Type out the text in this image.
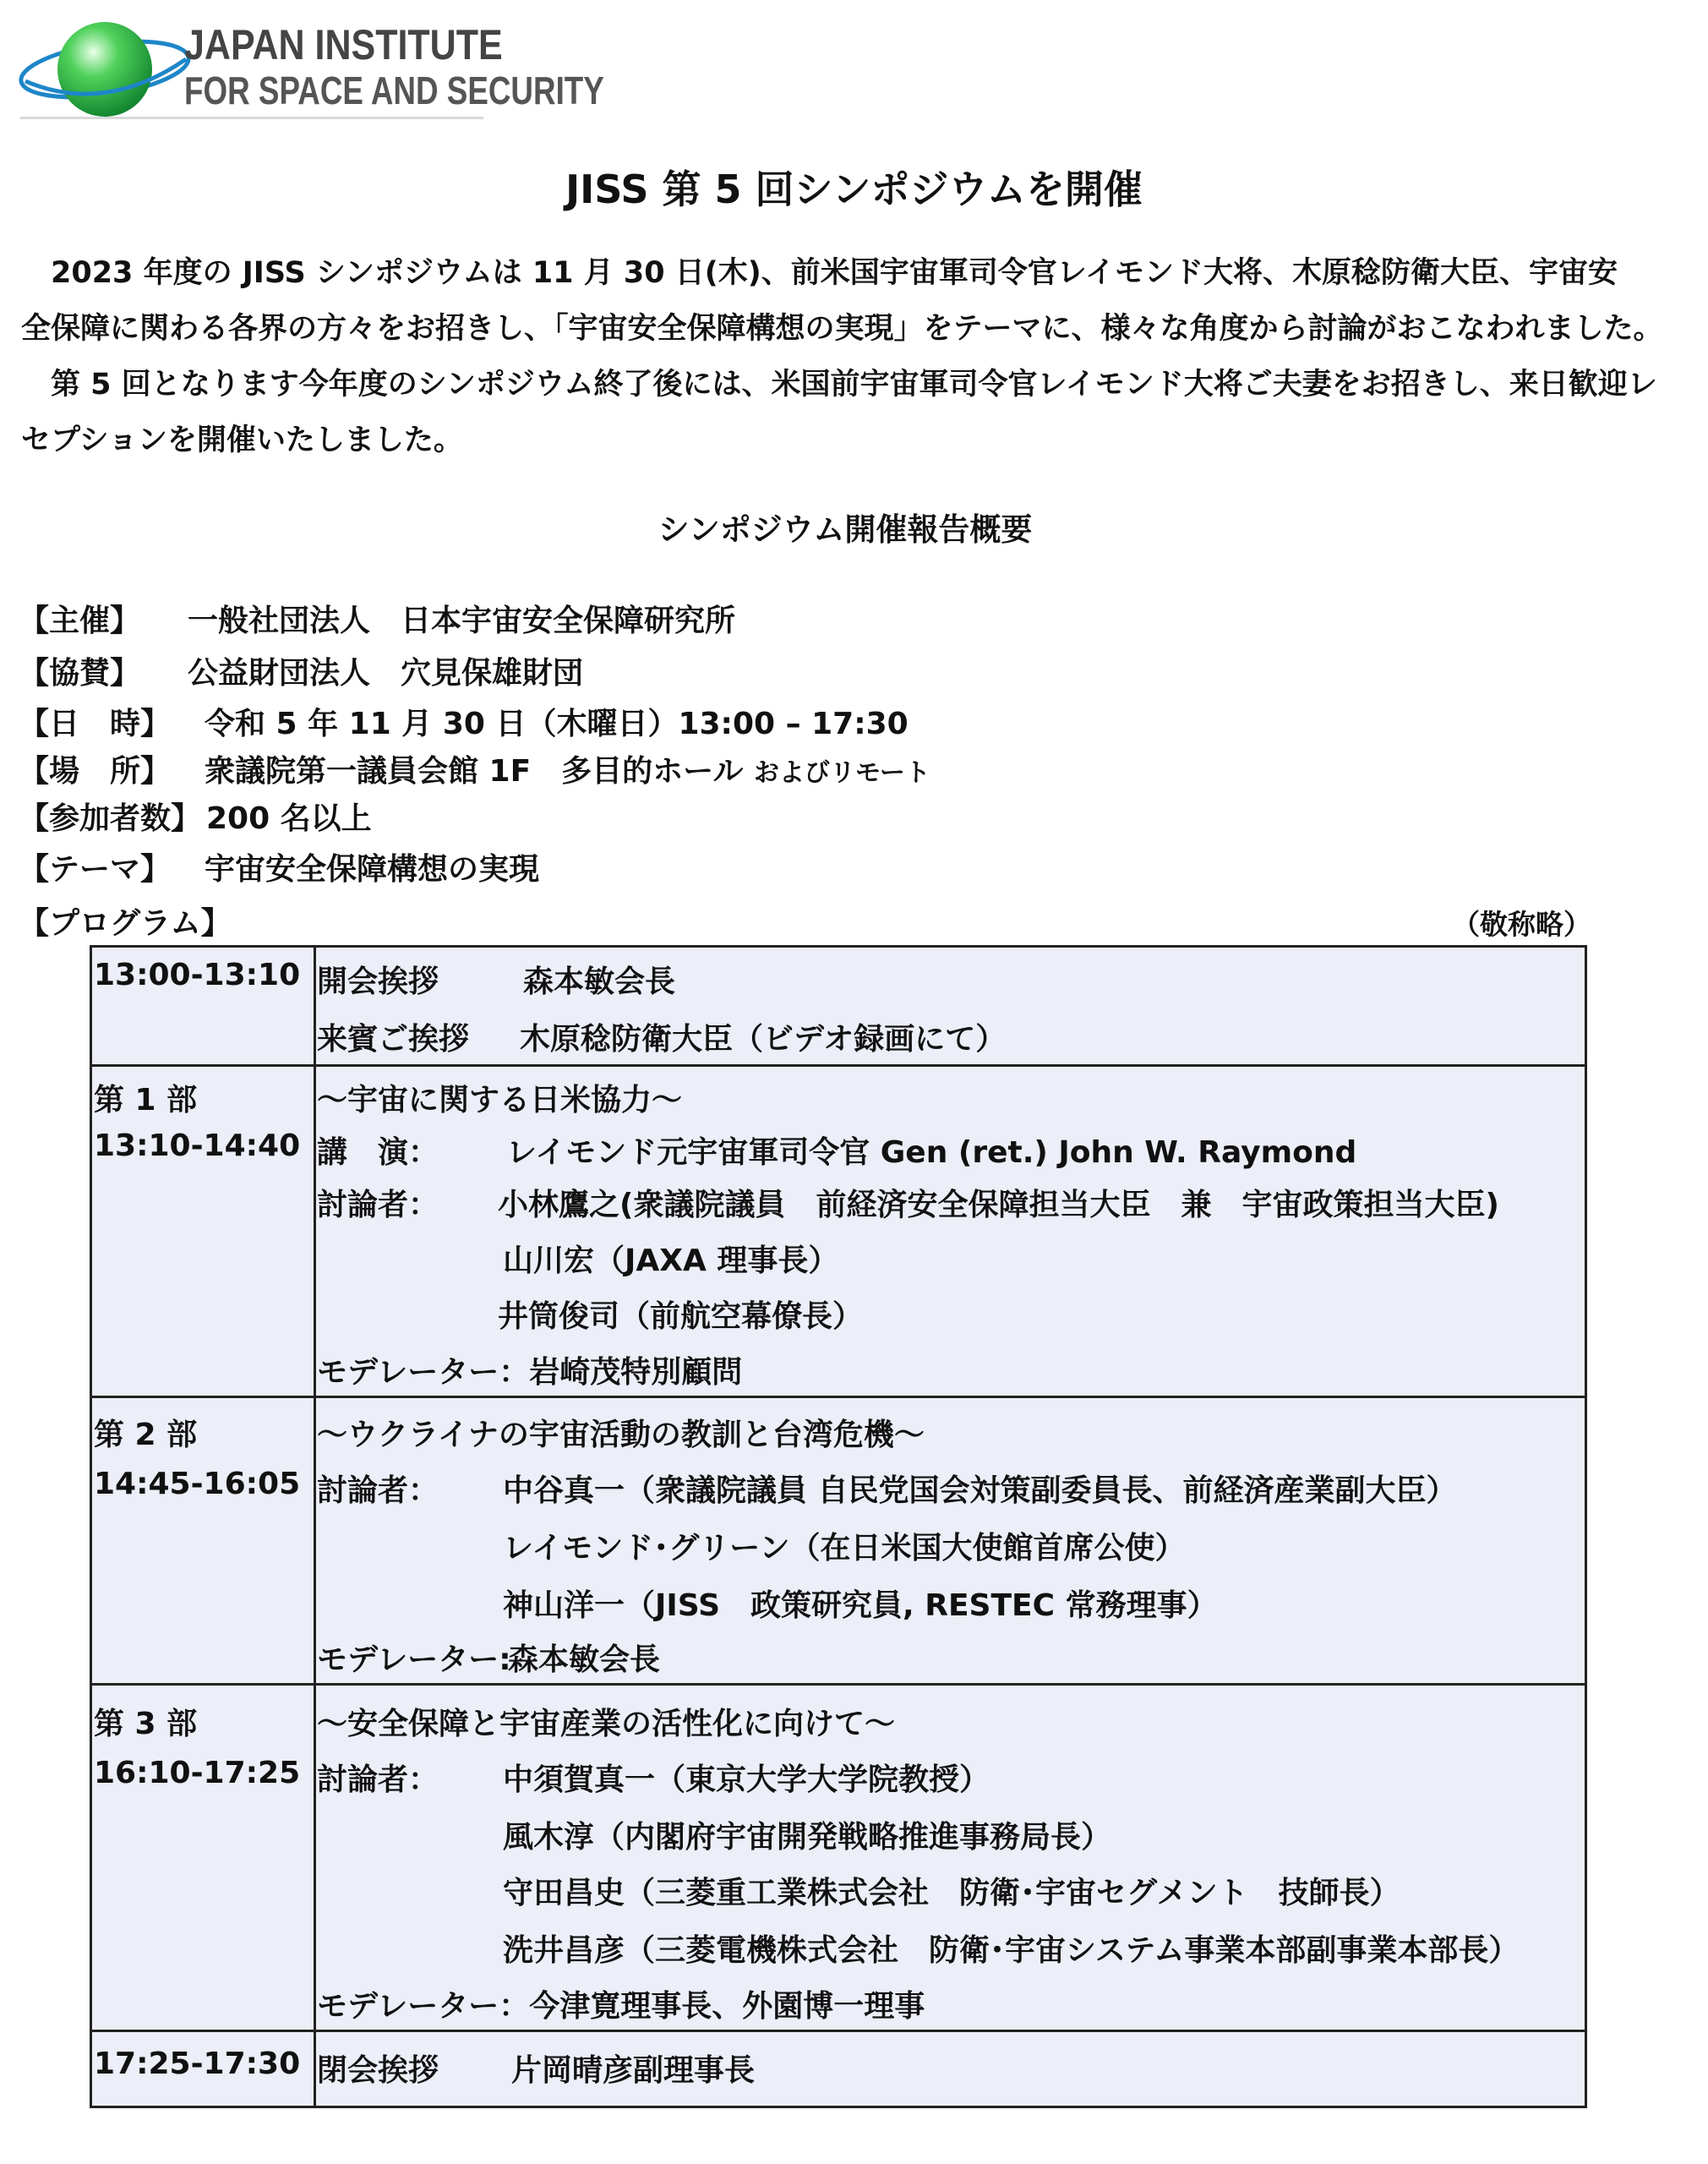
JAPAN INSTITUTE
FOR SPACE AND SECURITY
JISS 第 5 回シンポジウムを開催
　2023 年度の JISS シンポジウムは 11 月 30 日(木)、前米国宇宙軍司令官レイモンド大将、木原稔防衛大臣、宇宙安
全保障に関わる各界の方々をお招きし、「宇宙安全保障構想の実現」をテーマに、様々な角度から討論がおこなわれました。
　第 5 回となります今年度のシンポジウム終了後には、米国前宇宙軍司令官レイモンド大将ご夫妻をお招きし、来日歓迎レ
セプションを開催いたしました。
シンポジウム開催報告概要
【主催】 一般社団法人　日本宇宙安全保障研究所
【協賛】 公益財団法人　穴見保雄財団
【日　時】 令和 5 年 11 月 30 日（木曜日）13:00 – 17:30
【場　所】 衆議院第一議員会館 1F　多目的ホール およびリモート
【参加者数】 200 名以上
【テーマ】 宇宙安全保障構想の実現
【プログラム】	（敬称略）
13:00-13:10 開会挨拶	森本敏会長
来賓ご挨拶 木原稔防衛大臣（ビデオ録画にて）
第 1 部
13:10-14:40
～宇宙に関する日米協力～
講　演： レイモンド元宇宙軍司令官 Gen (ret.) John W. Raymond
討論者： 小林鷹之(衆議院議員　前経済安全保障担当大臣　兼　宇宙政策担当大臣)
山川宏（JAXA 理事長）
井筒俊司（前航空幕僚長）
モデレーター：岩崎茂特別顧問
第 2 部
14:45-16:05
～ウクライナの宇宙活動の教訓と台湾危機～
討論者： 中谷真一（衆議院議員 自民党国会対策副委員長、前経済産業副大臣）
レイモンド･グリーン（在日米国大使館首席公使）
神山洋一（JISS　政策研究員, RESTEC 常務理事）
モデレーター:
森本敏会長
第 3 部
16:10-17:25
～安全保障と宇宙産業の活性化に向けて～
討論者： 中須賀真一（東京大学大学院教授）
風木淳（内閣府宇宙開発戦略推進事務局長）
守田昌史（三菱重工業株式会社　防衛･宇宙セグメント　技師長）
洗井昌彦（三菱電機株式会社　防衛･宇宙システム事業本部副事業本部長）
モデレーター：今津寛理事長、外園博一理事
17:25-17:30 閉会挨拶 片岡晴彦副理事長
